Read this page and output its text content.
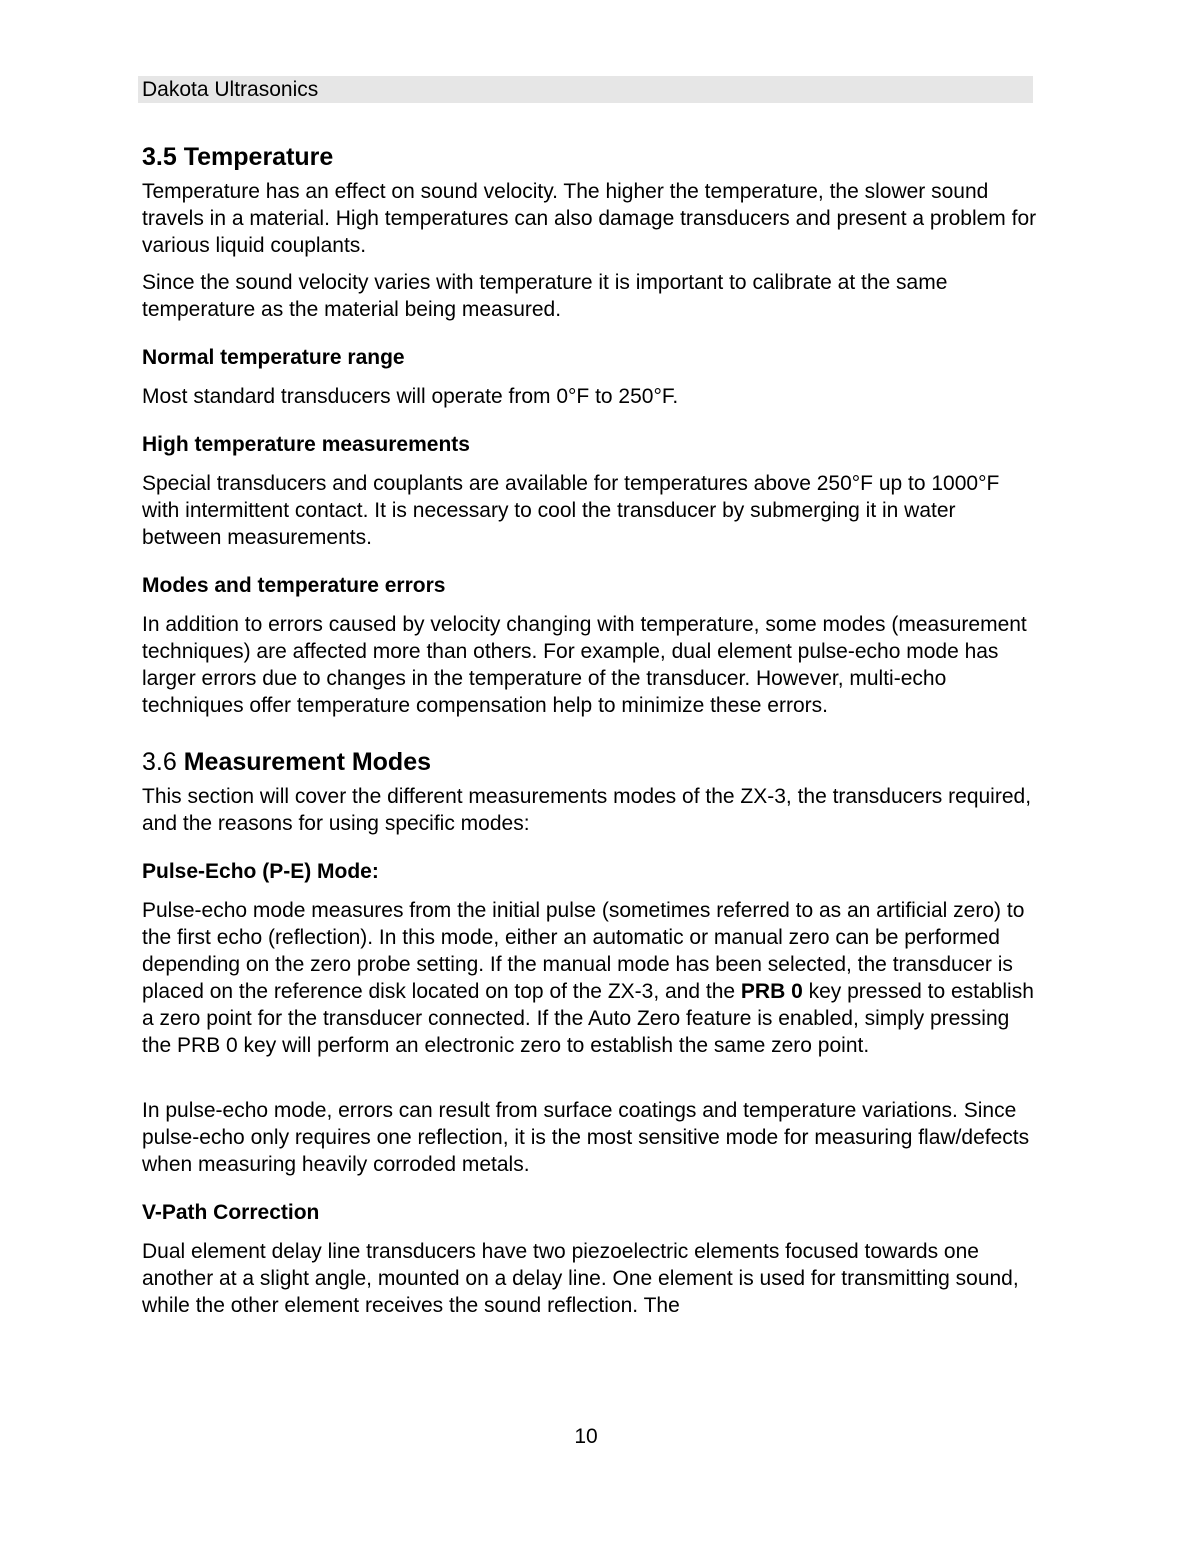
Dakota Ultrasonics
3.5 Temperature

Temperature has an effect on sound velocity. The higher the temperature, the slower sound travels in a material. High temperatures can also damage transducers and present a problem for various liquid couplants.

Since the sound velocity varies with temperature it is important to calibrate at the same temperature as the material being measured.

Normal temperature range

Most standard transducers will operate from 0°F to 250°F.

High temperature measurements

Special transducers and couplants are available for temperatures above 250°F up to 1000°F with intermittent contact. It is necessary to cool the transducer by submerging it in water between measurements.

Modes and temperature errors

In addition to errors caused by velocity changing with temperature, some modes (measurement techniques) are affected more than others. For example, dual element pulse-echo mode has larger errors due to changes in the temperature of the transducer. However, multi-echo techniques offer temperature compensation help to minimize these errors.

3.6 Measurement Modes

This section will cover the different measurements modes of the ZX-3, the transducers required, and the reasons for using specific modes:

Pulse-Echo (P-E) Mode:

Pulse-echo mode measures from the initial pulse (sometimes referred to as an artificial zero) to the first echo (reflection). In this mode, either an automatic or manual zero can be performed depending on the zero probe setting. If the manual mode has been selected, the transducer is placed on the reference disk located on top of the ZX-3, and the PRB 0 key pressed to establish a zero point for the transducer connected. If the Auto Zero feature is enabled, simply pressing the PRB 0 key will perform an electronic zero to establish the same zero point.

In pulse-echo mode, errors can result from surface coatings and temperature variations. Since pulse-echo only requires one reflection, it is the most sensitive mode for measuring flaw/defects when measuring heavily corroded metals.

V-Path Correction

Dual element delay line transducers have two piezoelectric elements focused towards one another at a slight angle, mounted on a delay line. One element is used for transmitting sound, while the other element receives the sound reflection. The

10
